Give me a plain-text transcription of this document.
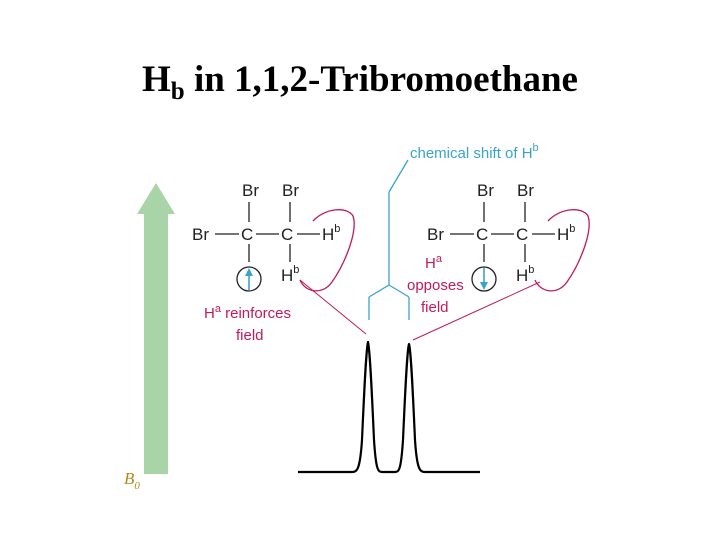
$H_b$ in 1,1,2-Tribromoethane
$B_0$
Br Br
Br C C $H^b$
$H^b$
Br Br
Br C C $H^b$
$H^b$
chemical shift of $H^b$
$H^a$ reinforces
field
$H^a$
opposes
field
